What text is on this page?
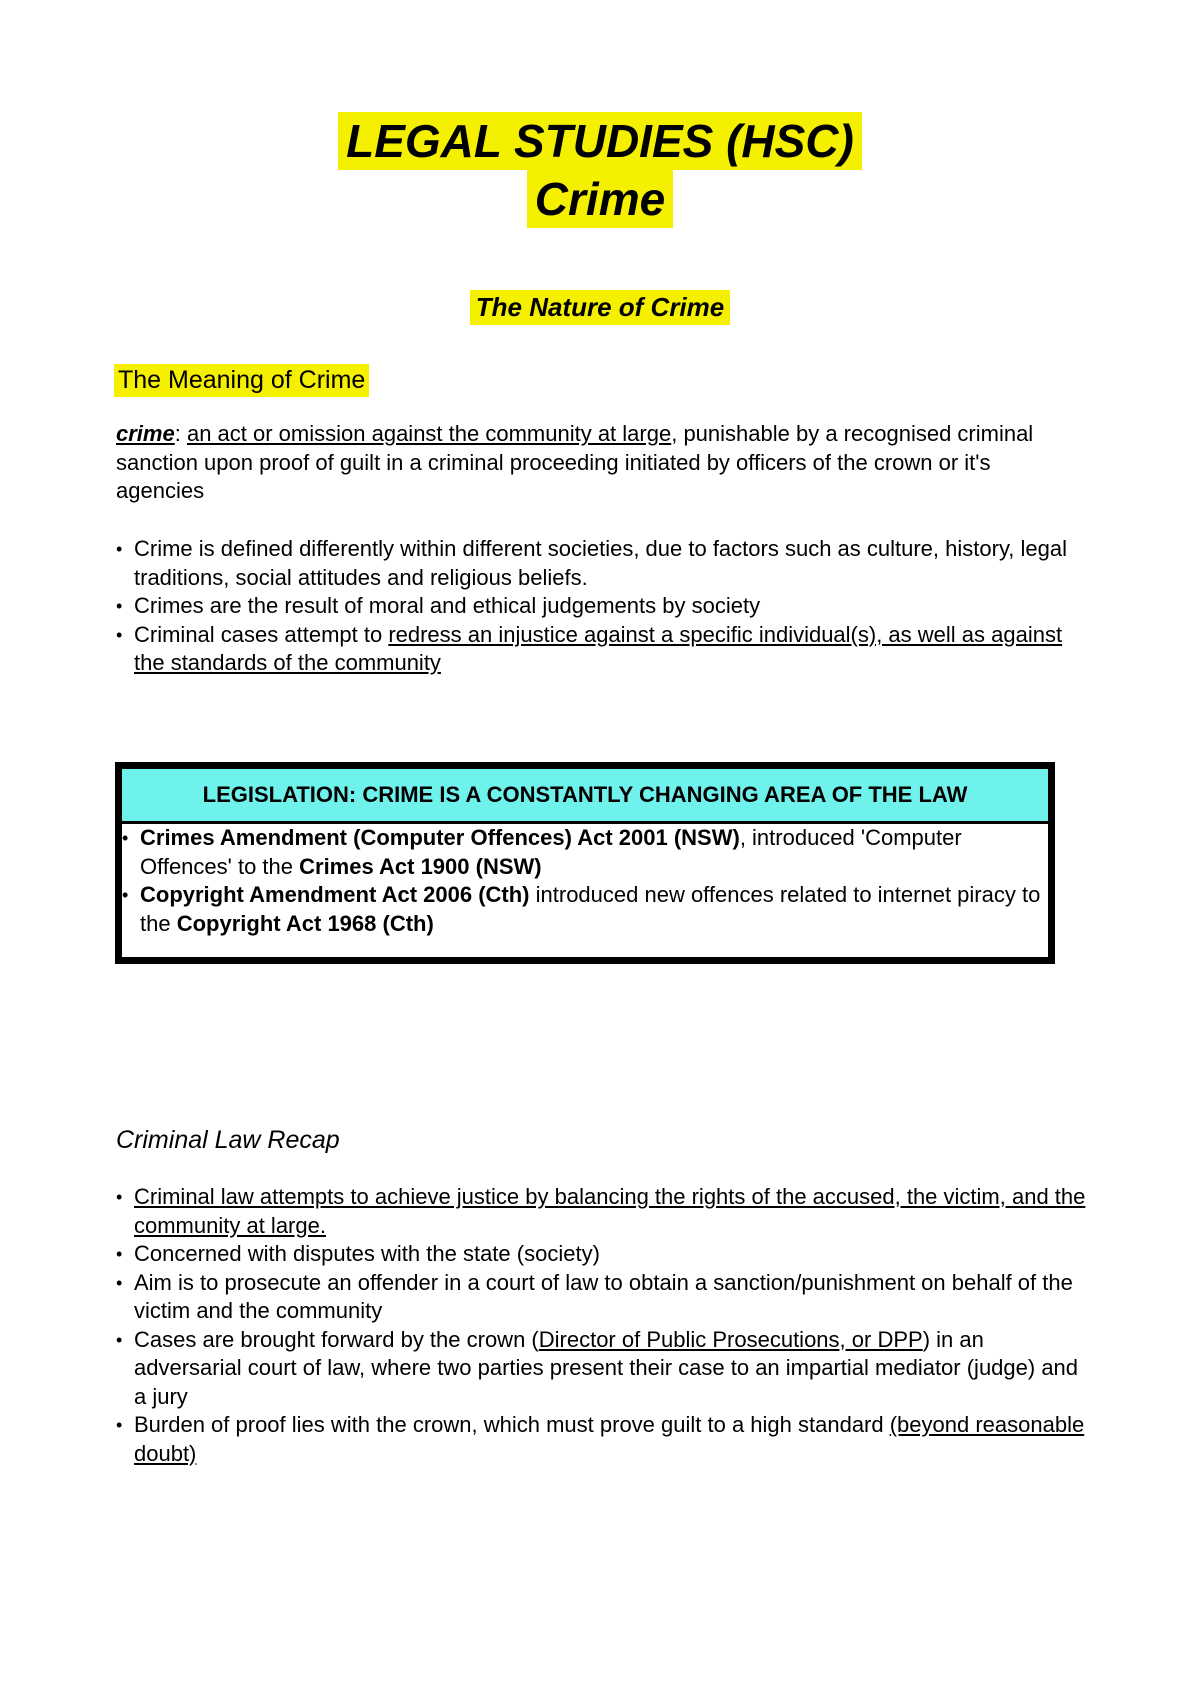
LEGAL STUDIES (HSC)
Crime
The Nature of Crime
The Meaning of Crime
crime: an act or omission against the community at large, punishable by a recognised criminal sanction upon proof of guilt in a criminal proceeding initiated by officers of the crown or it's agencies
• Crime is defined differently within different societies, due to factors such as culture, history, legal traditions, social attitudes and religious beliefs.
• Crimes are the result of moral and ethical judgements by society
• Criminal cases attempt to redress an injustice against a specific individual(s), as well as against the standards of the community
LEGISLATION: CRIME IS A CONSTANTLY CHANGING AREA OF THE LAW
• Crimes Amendment (Computer Offences) Act 2001 (NSW), introduced 'Computer Offences' to the Crimes Act 1900 (NSW)
• Copyright Amendment Act 2006 (Cth) introduced new offences related to internet piracy to the Copyright Act 1968 (Cth)
Criminal Law Recap
• Criminal law attempts to achieve justice by balancing the rights of the accused, the victim, and the community at large.
• Concerned with disputes with the state (society)
• Aim is to prosecute an offender in a court of law to obtain a sanction/punishment on behalf of the victim and the community
• Cases are brought forward by the crown (Director of Public Prosecutions, or DPP) in an adversarial court of law, where two parties present their case to an impartial mediator (judge) and a jury
• Burden of proof lies with the crown, which must prove guilt to a high standard (beyond reasonable doubt)
